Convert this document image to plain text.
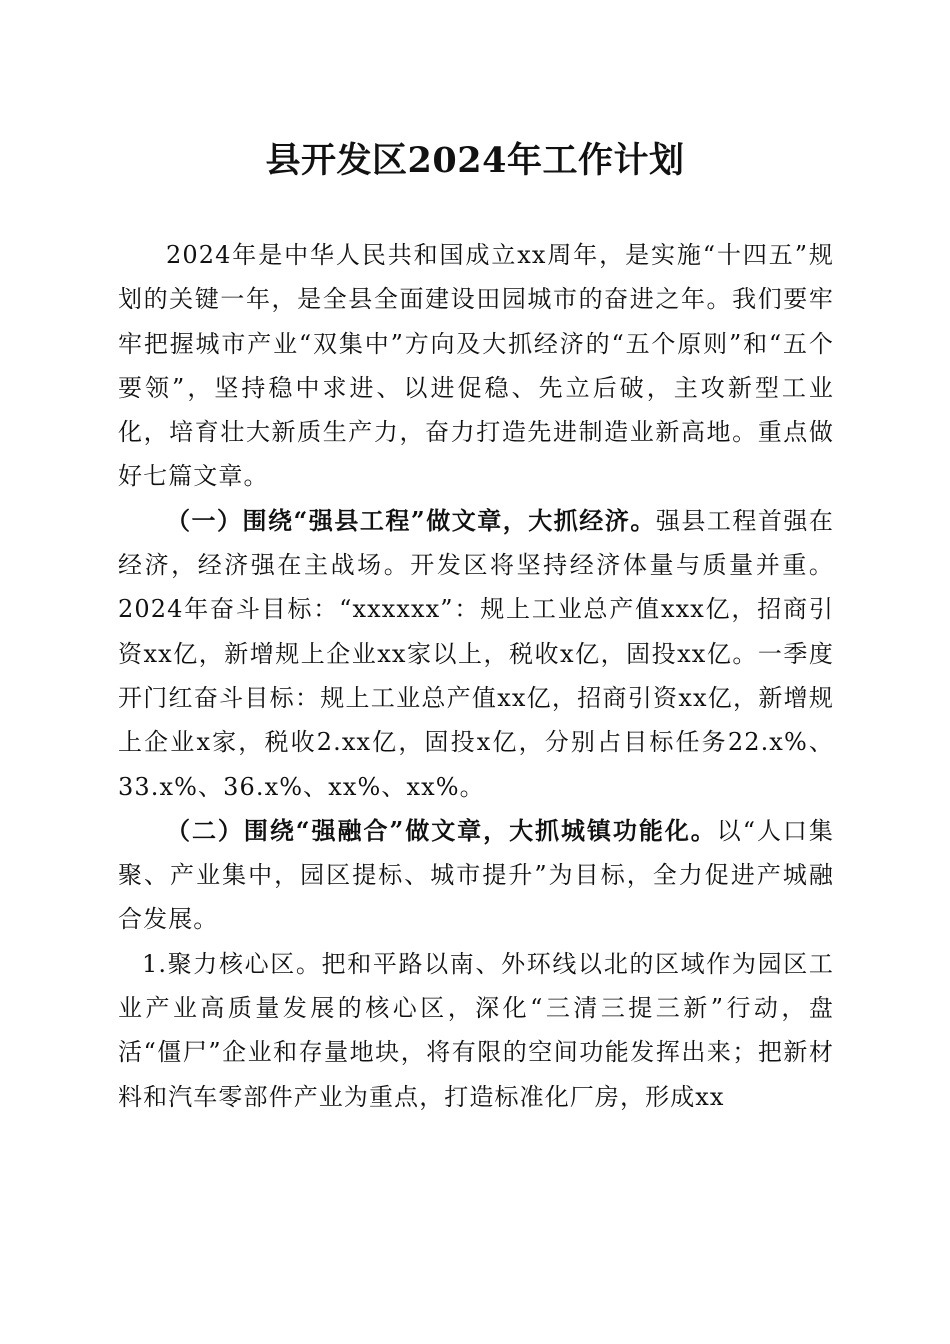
县开发区2024年工作计划

2024年是中华人民共和国成立xx周年，是实施“十四五”规划的关键一年，是全县全面建设田园城市的奋进之年。我们要牢牢把握城市产业“双集中”方向及大抓经济的“五个原则”和“五个要领”，坚持稳中求进、以进促稳、先立后破，主攻新型工业化，培育壮大新质生产力，奋力打造先进制造业新高地。重点做好七篇文章。

（一）围绕“强县工程”做文章，大抓经济。强县工程首强在经济，经济强在主战场。开发区将坚持经济体量与质量并重。2024年奋斗目标：“xxxxxx”：规上工业总产值xxx亿，招商引资xx亿，新增规上企业xx家以上，税收x亿，固投xx亿。一季度开门红奋斗目标：规上工业总产值xx亿，招商引资xx亿，新增规上企业x家，税收2.xx亿，固投x亿，分别占目标任务22.x%、33.x%、36.x%、xx%、xx%。

（二）围绕“强融合”做文章，大抓城镇功能化。以“人口集聚、产业集中，园区提标、城市提升”为目标，全力促进产城融合发展。

1.聚力核心区。把和平路以南、外环线以北的区域作为园区工业产业高质量发展的核心区，深化“三清三提三新”行动，盘活“僵尸”企业和存量地块，将有限的空间功能发挥出来；把新材料和汽车零部件产业为重点，打造标准化厂房，形成xx
